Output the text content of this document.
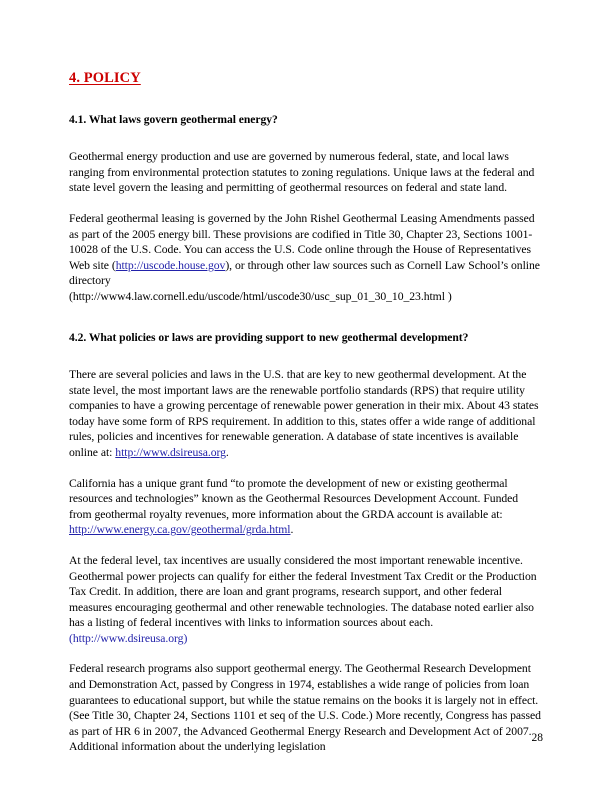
4. POLICY
4.1. What laws govern geothermal energy?

Geothermal energy production and use are governed by numerous federal, state, and local laws ranging from environmental protection statutes to zoning regulations. Unique laws at the federal and state level govern the leasing and permitting of geothermal resources on federal and state land.

Federal geothermal leasing is governed by the John Rishel Geothermal Leasing Amendments passed as part of the 2005 energy bill. These provisions are codified in Title 30, Chapter 23, Sections 1001-10028 of the U.S. Code. You can access the U.S. Code online through the House of Representatives Web site (http://uscode.house.gov), or through other law sources such as Cornell Law School’s online directory
(http://www4.law.cornell.edu/uscode/html/uscode30/usc_sup_01_30_10_23.html )

4.2. What policies or laws are providing support to new geothermal development?

There are several policies and laws in the U.S. that are key to new geothermal development. At the state level, the most important laws are the renewable portfolio standards (RPS) that require utility companies to have a growing percentage of renewable power generation in their mix. About 43 states today have some form of RPS requirement. In addition to this, states offer a wide range of additional rules, policies and incentives for renewable generation. A database of state incentives is available online at: http://www.dsireusa.org.

California has a unique grant fund “to promote the development of new or existing geothermal resources and technologies” known as the Geothermal Resources Development Account. Funded from geothermal royalty revenues, more information about the GRDA account is available at: http://www.energy.ca.gov/geothermal/grda.html.

At the federal level, tax incentives are usually considered the most important renewable incentive. Geothermal power projects can qualify for either the federal Investment Tax Credit or the Production Tax Credit. In addition, there are loan and grant programs, research support, and other federal measures encouraging geothermal and other renewable technologies. The database noted earlier also has a listing of federal incentives with links to information sources about each. (http://www.dsireusa.org)

Federal research programs also support geothermal energy. The Geothermal Research Development and Demonstration Act, passed by Congress in 1974, establishes a wide range of policies from loan guarantees to educational support, but while the statue remains on the books it is largely not in effect. (See Title 30, Chapter 24, Sections 1101 et seq of the U.S. Code.) More recently, Congress has passed as part of HR 6 in 2007, the Advanced Geothermal Energy Research and Development Act of 2007. Additional information about the underlying legislation

28
